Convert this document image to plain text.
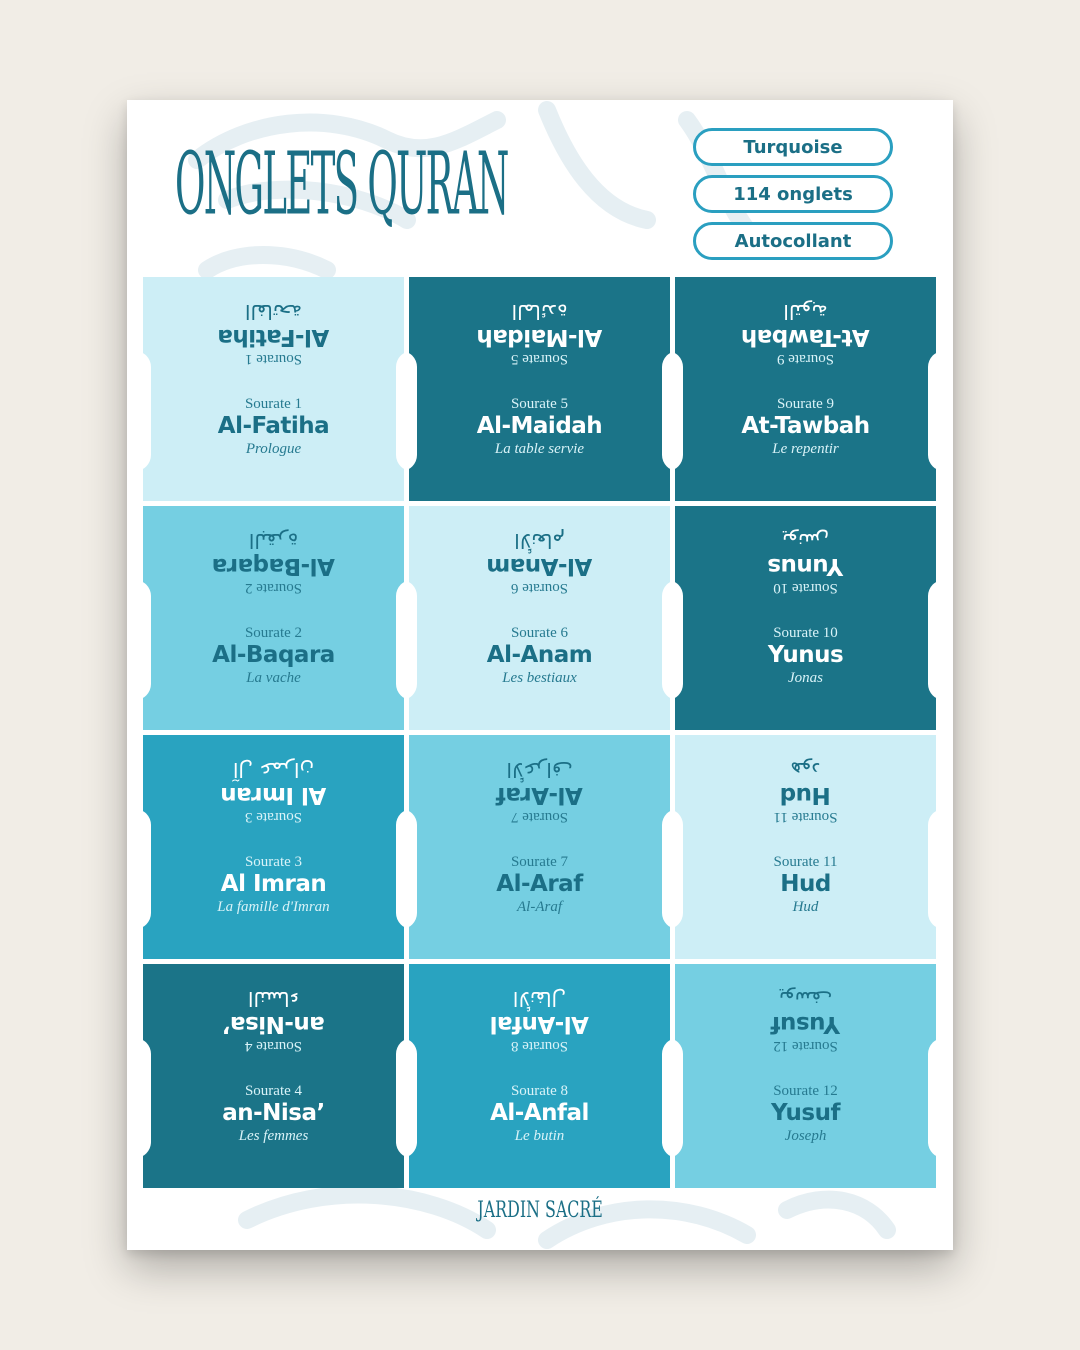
ONGLETS QURAN	Turquoise
114 onglets
Autocollant
Sourate 1
Al-Fatiha
الفاتحة
Sourate 1
Al-Fatiha
Prologue
Sourate 5
Al-Maidah
المائدة
Sourate 5
Al-Maidah
La table servie
Sourate 9
At-Tawbah
التوبة
Sourate 9
At-Tawbah
Le repentir
Sourate 2
Al-Baqara
البقرة
Sourate 2
Al-Baqara
La vache
Sourate 6
Al-Anam
الأنعام
Sourate 6
Al-Anam
Les bestiaux
Sourate 10
Yunus
يونس
Sourate 10
Yunus
Jonas
Sourate 3
Al Imran
آل عمران
Sourate 3
Al Imran
La famille d'Imran
Sourate 7
Al-Araf
الأعراف
Sourate 7
Al-Araf
Al-Araf
Sourate 11
Hud
هود
Sourate 11
Hud
Hud
Sourate 4
an-Nisa’
النساء
Sourate 4
an-Nisa’
Les femmes
Sourate 8
Al-Anfal
الأنفال
Sourate 8
Al-Anfal
Le butin
Sourate 12
Yusuf
يوسف
Sourate 12
Yusuf
Joseph
JARDIN SACRÉ
